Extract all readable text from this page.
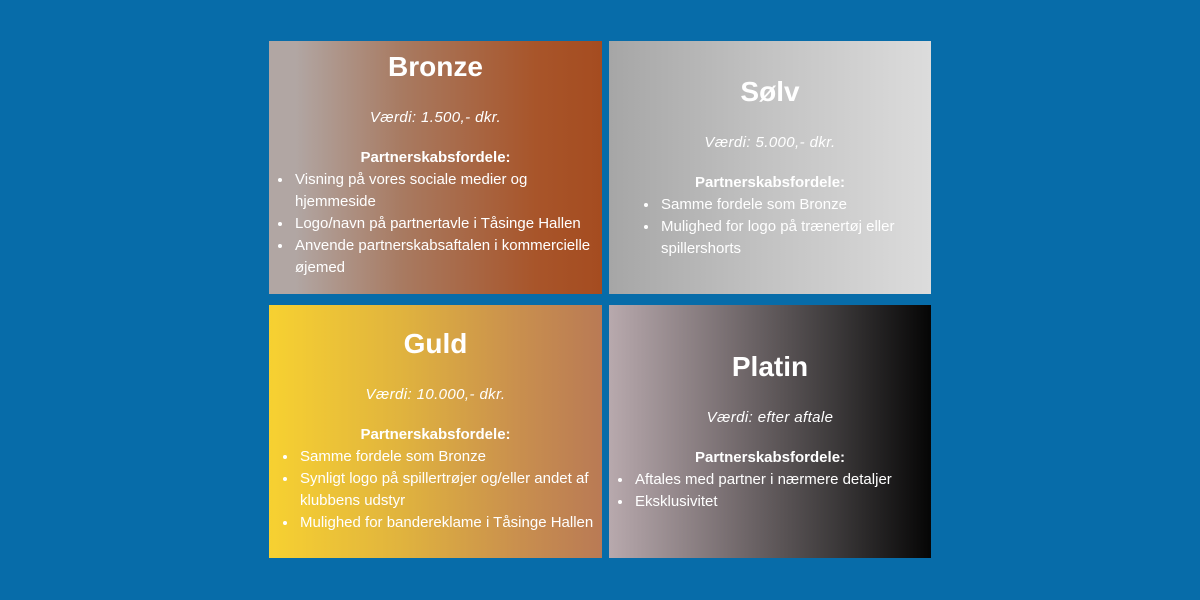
Bronze
Værdi: 1.500,- dkr.
Partnerskabsfordele:
Visning på vores sociale medier og hjemmeside
Logo/navn på partnertavle i Tåsinge Hallen
Anvende partnerskabsaftalen i kommercielle øjemed
Sølv
Værdi: 5.000,- dkr.
Partnerskabsfordele:
Samme fordele som Bronze
Mulighed for logo på trænertøj eller spillershorts
Guld
Værdi: 10.000,- dkr.
Partnerskabsfordele:
Samme fordele som Bronze
Synligt logo på spillertrøjer og/eller andet af klubbens udstyr
Mulighed for bandereklame i Tåsinge Hallen
Platin
Værdi: efter aftale
Partnerskabsfordele:
Aftales med partner i nærmere detaljer
Eksklusivitet
